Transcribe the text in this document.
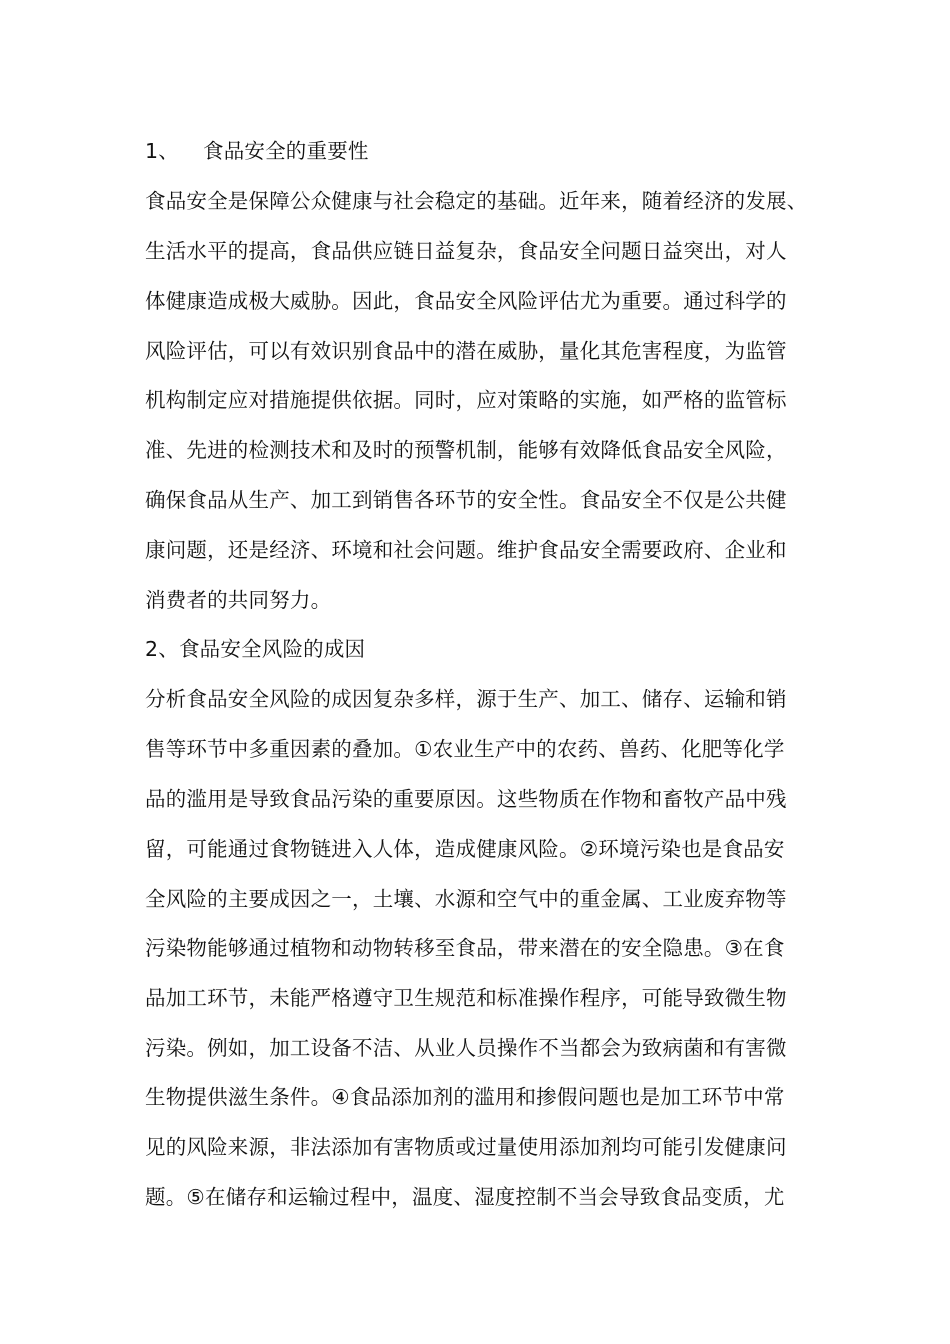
1、 食品安全的重要性
食品安全是保障公众健康与社会稳定的基础。近年来，随着经济的发展、
生活水平的提高，食品供应链日益复杂，食品安全问题日益突出，对人
体健康造成极大威胁。因此，食品安全风险评估尤为重要。通过科学的
风险评估，可以有效识别食品中的潜在威胁，量化其危害程度，为监管
机构制定应对措施提供依据。同时，应对策略的实施，如严格的监管标
准、先进的检测技术和及时的预警机制，能够有效降低食品安全风险，
确保食品从生产、加工到销售各环节的安全性。食品安全不仅是公共健
康问题，还是经济、环境和社会问题。维护食品安全需要政府、企业和
消费者的共同努力。
2、食品安全风险的成因
分析食品安全风险的成因复杂多样，源于生产、加工、储存、运输和销
售等环节中多重因素的叠加。①农业生产中的农药、兽药、化肥等化学
品的滥用是导致食品污染的重要原因。这些物质在作物和畜牧产品中残
留，可能通过食物链进入人体，造成健康风险。②环境污染也是食品安
全风险的主要成因之一，土壤、水源和空气中的重金属、工业废弃物等
污染物能够通过植物和动物转移至食品，带来潜在的安全隐患。③在食
品加工环节，未能严格遵守卫生规范和标准操作程序，可能导致微生物
污染。例如，加工设备不洁、从业人员操作不当都会为致病菌和有害微
生物提供滋生条件。④食品添加剂的滥用和掺假问题也是加工环节中常
见的风险来源，非法添加有害物质或过量使用添加剂均可能引发健康问
题。⑤在储存和运输过程中，温度、湿度控制不当会导致食品变质，尤
